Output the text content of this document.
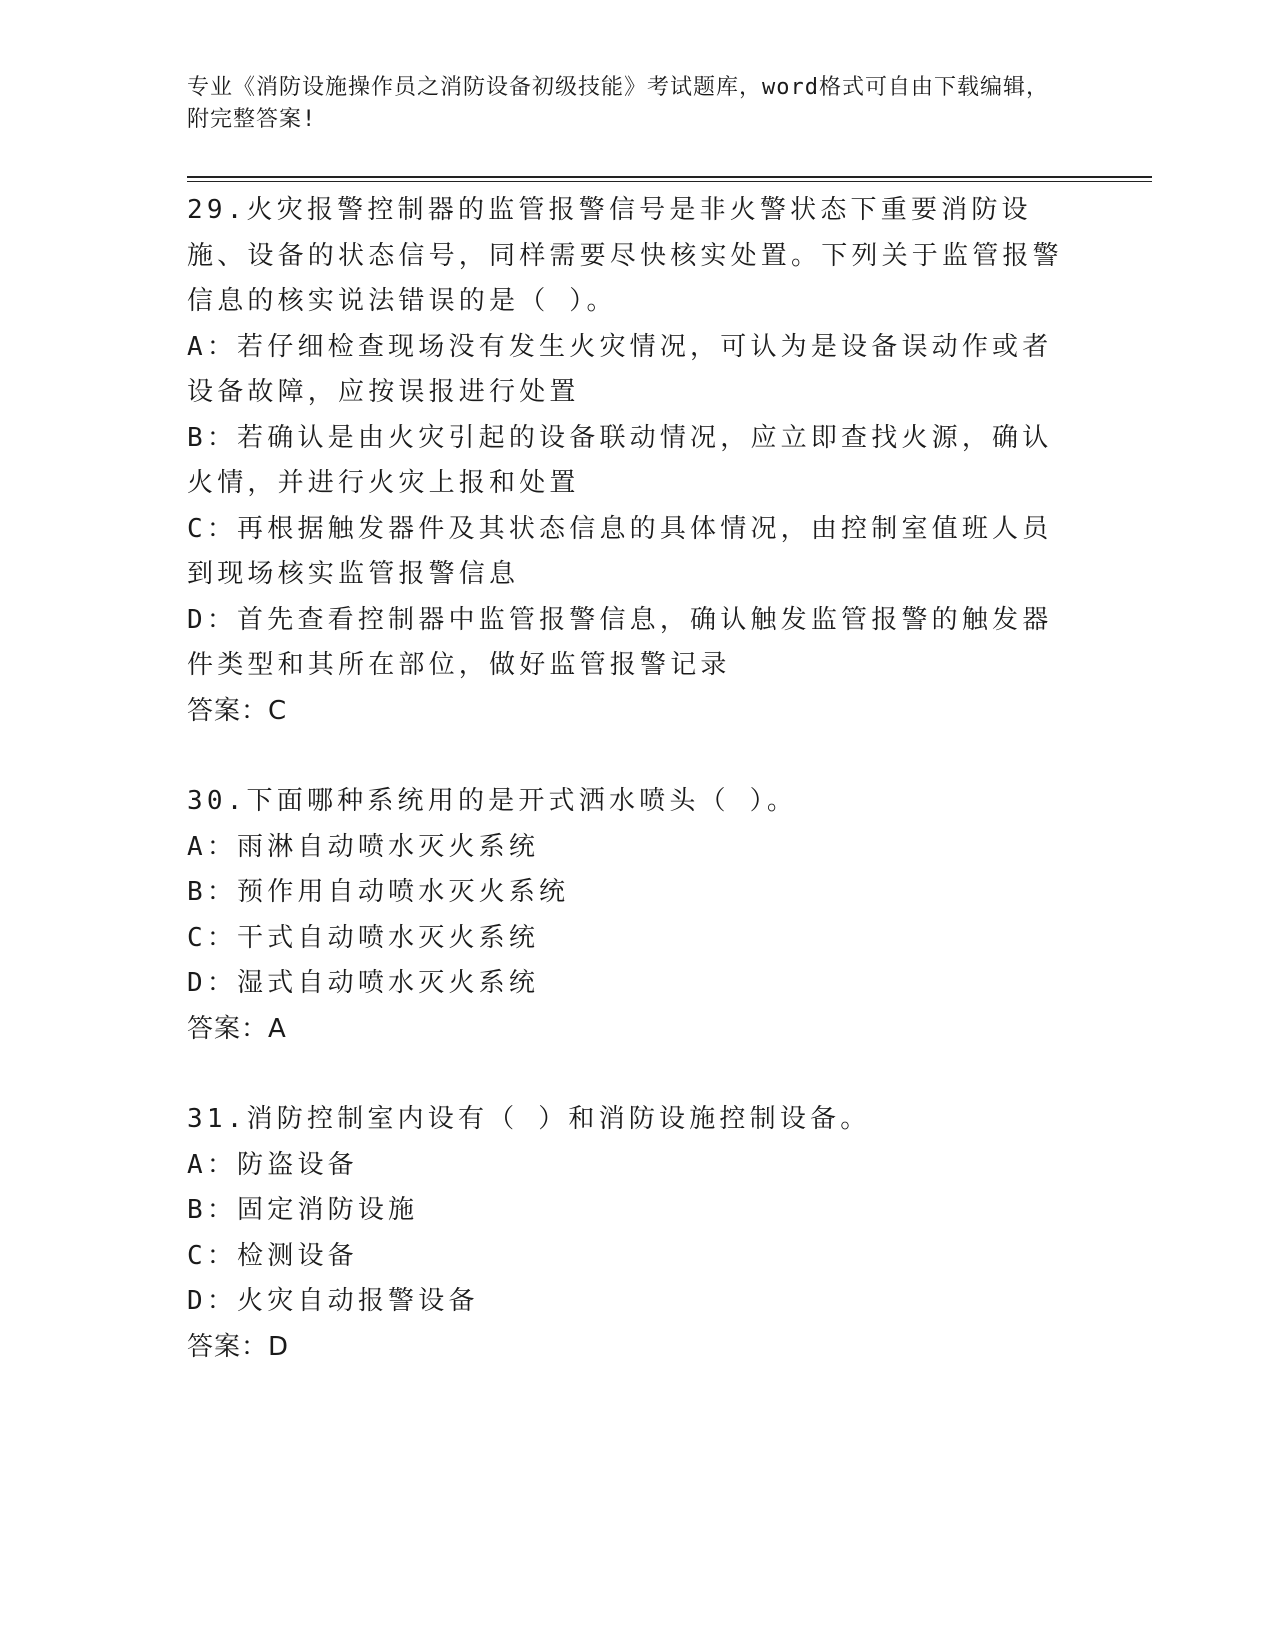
专业《消防设施操作员之消防设备初级技能》考试题库，word格式可自由下载编辑，附完整答案!
29.火灾报警控制器的监管报警信号是非火警状态下重要消防设施、设备的状态信号，同样需要尽快核实处置。下列关于监管报警信息的核实说法错误的是（ ）。
A：若仔细检查现场没有发生火灾情况，可认为是设备误动作或者设备故障，应按误报进行处置
B：若确认是由火灾引起的设备联动情况，应立即查找火源，确认火情，并进行火灾上报和处置
C：再根据触发器件及其状态信息的具体情况，由控制室值班人员到现场核实监管报警信息
D：首先查看控制器中监管报警信息，确认触发监管报警的触发器件类型和其所在部位，做好监管报警记录
答案：C
30.下面哪种系统用的是开式洒水喷头（ ）。
A：雨淋自动喷水灭火系统
B：预作用自动喷水灭火系统
C：干式自动喷水灭火系统
D：湿式自动喷水灭火系统
答案：A
31.消防控制室内设有（ ）和消防设施控制设备。
A：防盗设备
B：固定消防设施
C：检测设备
D：火灾自动报警设备
答案：D
